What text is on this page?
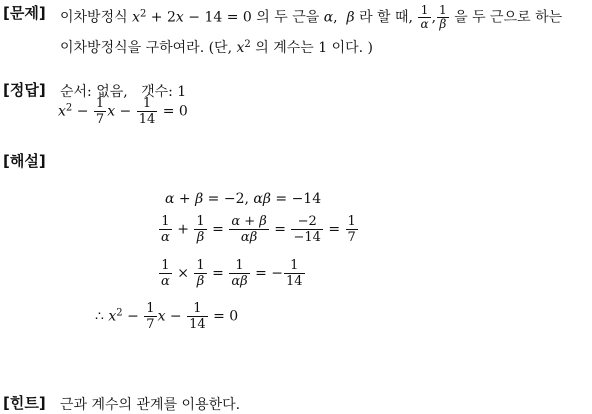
[문제] 이차방정식 $x^2 + 2x - 14 = 0$ 의 두 근을 α,  β 라 할 때, $\frac{1}{\alpha}$ , $\frac{1}{\beta}$ 을 두 근으로 하는
이차방정식을 구하여라. (단, $x^2$ 의 계수는 1 이다. )
[정답] 순서: 없음, 갯수: 1
$x^2 - \frac{1}{7}$ $x - \frac{1}{14} = 0$
[해설]
α + β = −2, αβ = −14
$\frac{1}{\alpha} + \frac{1}{\beta} = \frac{\alpha + \beta}{\alpha\beta} = \frac{-2}{-14} = \frac{1}{7}$
$\frac{1}{\alpha} \times \frac{1}{\beta} = \frac{1}{\alpha\beta}$ = − $\frac{1}{14}$
∴ $x^2 - \frac{1}{7}$ $x - \frac{1}{14} = 0$
[힌트] 근과 계수의 관계를 이용한다.
